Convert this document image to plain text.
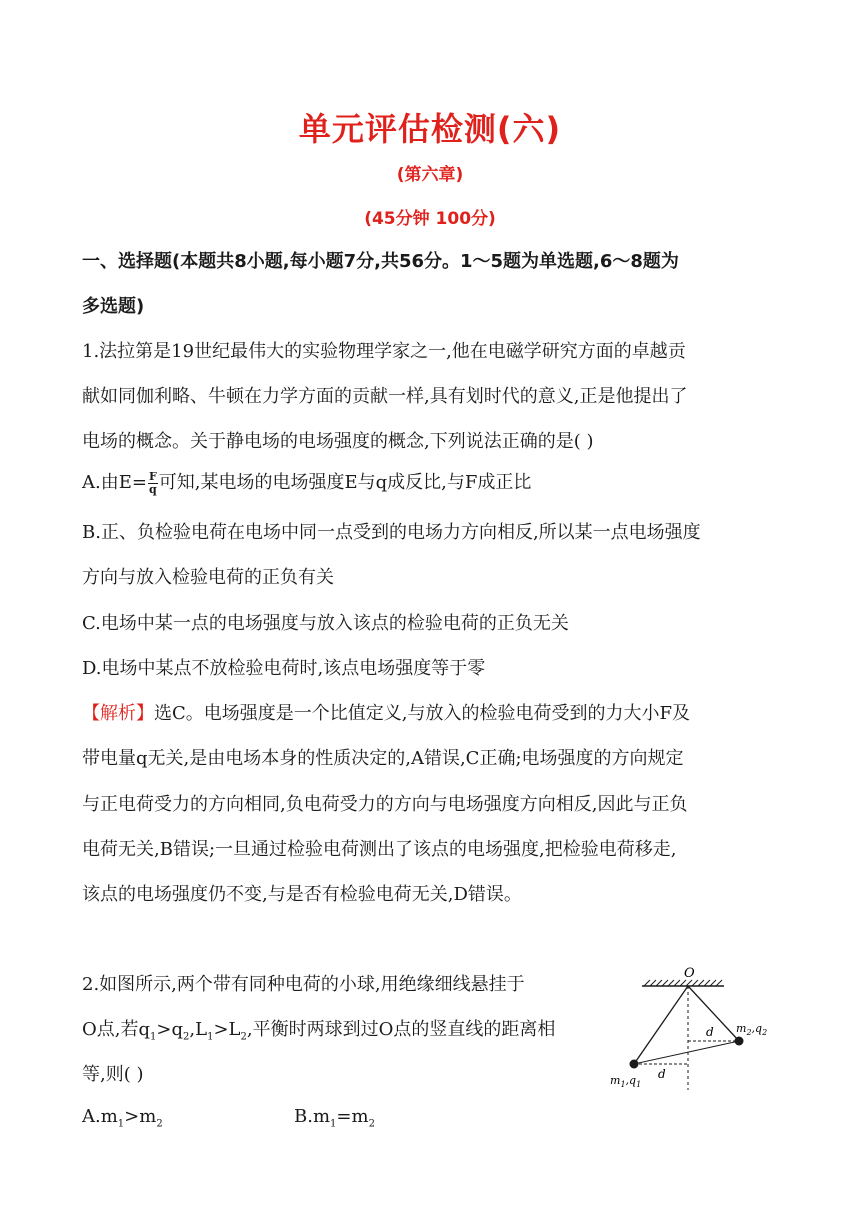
单元评估检测(六)
(第六章)
(45分钟 100分)
一、选择题(本题共8小题,每小题7分,共56分。1～5题为单选题,6～8题为
多选题)
1.法拉第是19世纪最伟大的实验物理学家之一,他在电磁学研究方面的卓越贡
献如同伽利略、牛顿在力学方面的贡献一样,具有划时代的意义,正是他提出了
电场的概念。关于静电场的电场强度的概念,下列说法正确的是( )
A.由$E= \frac{F}{q}$ 可知,某电场的电场强度E与q成反比,与F成正比
B.正、负检验电荷在电场中同一点受到的电场力方向相反,所以某一点电场强度
方向与放入检验电荷的正负有关
C.电场中某一点的电场强度与放入该点的检验电荷的正负无关
D.电场中某点不放检验电荷时,该点电场强度等于零
【解析】选C。电场强度是一个比值定义,与放入的检验电荷受到的力大小F及
带电量q无关,是由电场本身的性质决定的,A错误,C正确;电场强度的方向规定
与正电荷受力的方向相同,负电荷受力的方向与电场强度方向相反,因此与正负
电荷无关,B错误;一旦通过检验电荷测出了该点的电场强度,把检验电荷移走,
该点的电场强度仍不变,与是否有检验电荷无关,D错误。
2.如图所示,两个带有同种电荷的小球,用绝缘细线悬挂于
O点,若$q_1>q_2,L_1>L_2$,平衡时两球到过O点的竖直线的距离相
等,则( )
$A.m_1>m_2$	$B.m_1=m_2$
O
d
d
$m_2,q_2$
$m_1,q_1$
